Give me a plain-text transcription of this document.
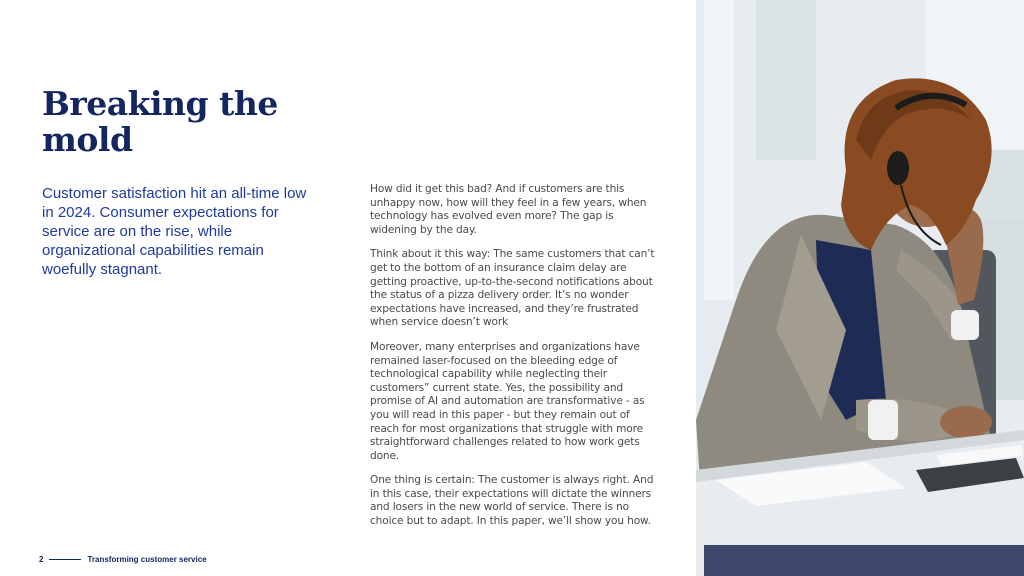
Breaking the mold

Customer satisfaction hit an all-time low in 2024. Consumer expectations for service are on the rise, while organizational capabilities remain woefully stagnant.

How did it get this bad? And if customers are this unhappy now, how will they feel in a few years, when technology has evolved even more? The gap is widening by the day.

Think about it this way: The same customers that can’t get to the bottom of an insurance claim delay are getting proactive, up-to-the-second notifications about the status of a pizza delivery order. It’s no wonder expectations have increased, and they’re frustrated when service doesn’t work

Moreover, many enterprises and organizations have remained laser-focused on the bleeding edge of technological capability while neglecting their customers” current state. Yes, the possibility and promise of AI and automation are transformative - as you will read in this paper - but they remain out of reach for most organizations that struggle with more straightforward challenges related to how work gets done.

One thing is certain: The customer is always right. And in this case, their expectations will dictate the winners and losers in the new world of service. There is no choice but to adapt. In this paper, we’ll show you how.

2	Transforming customer service
